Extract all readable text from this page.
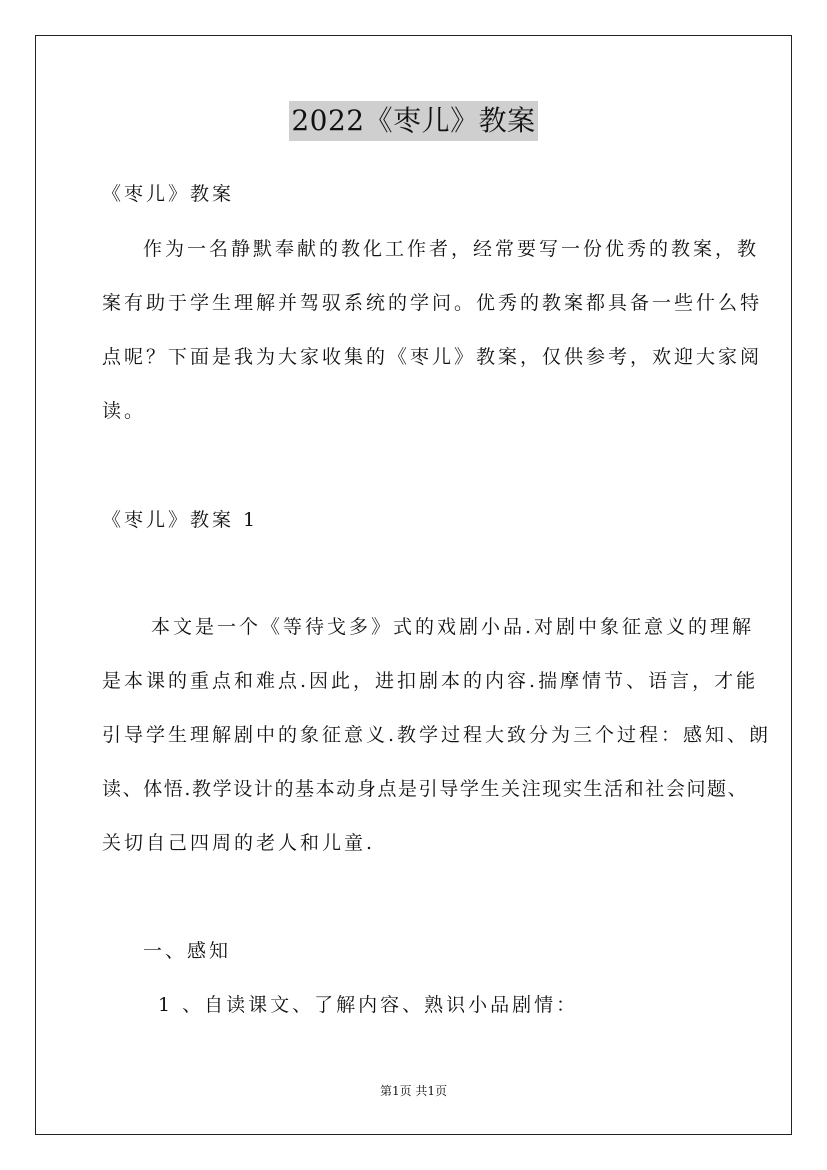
2022《枣儿》教案

《枣儿》教案

作为一名静默奉献的教化工作者，经常要写一份优秀的教案，教

案有助于学生理解并驾驭系统的学问。优秀的教案都具备一些什么特

点呢？下面是我为大家收集的《枣儿》教案，仅供参考，欢迎大家阅

读。

《枣儿》教案 1

本文是一个《等待戈多》式的戏剧小品.对剧中象征意义的理解

是本课的重点和难点.因此，进扣剧本的内容.揣摩情节、语言，才能

引导学生理解剧中的象征意义.教学过程大致分为三个过程：感知、朗

读、体悟.教学设计的基本动身点是引导学生关注现实生活和社会问题、

关切自己四周的老人和儿童.

一、感知

1 、自读课文、了解内容、熟识小品剧情：

第1页 共1页
